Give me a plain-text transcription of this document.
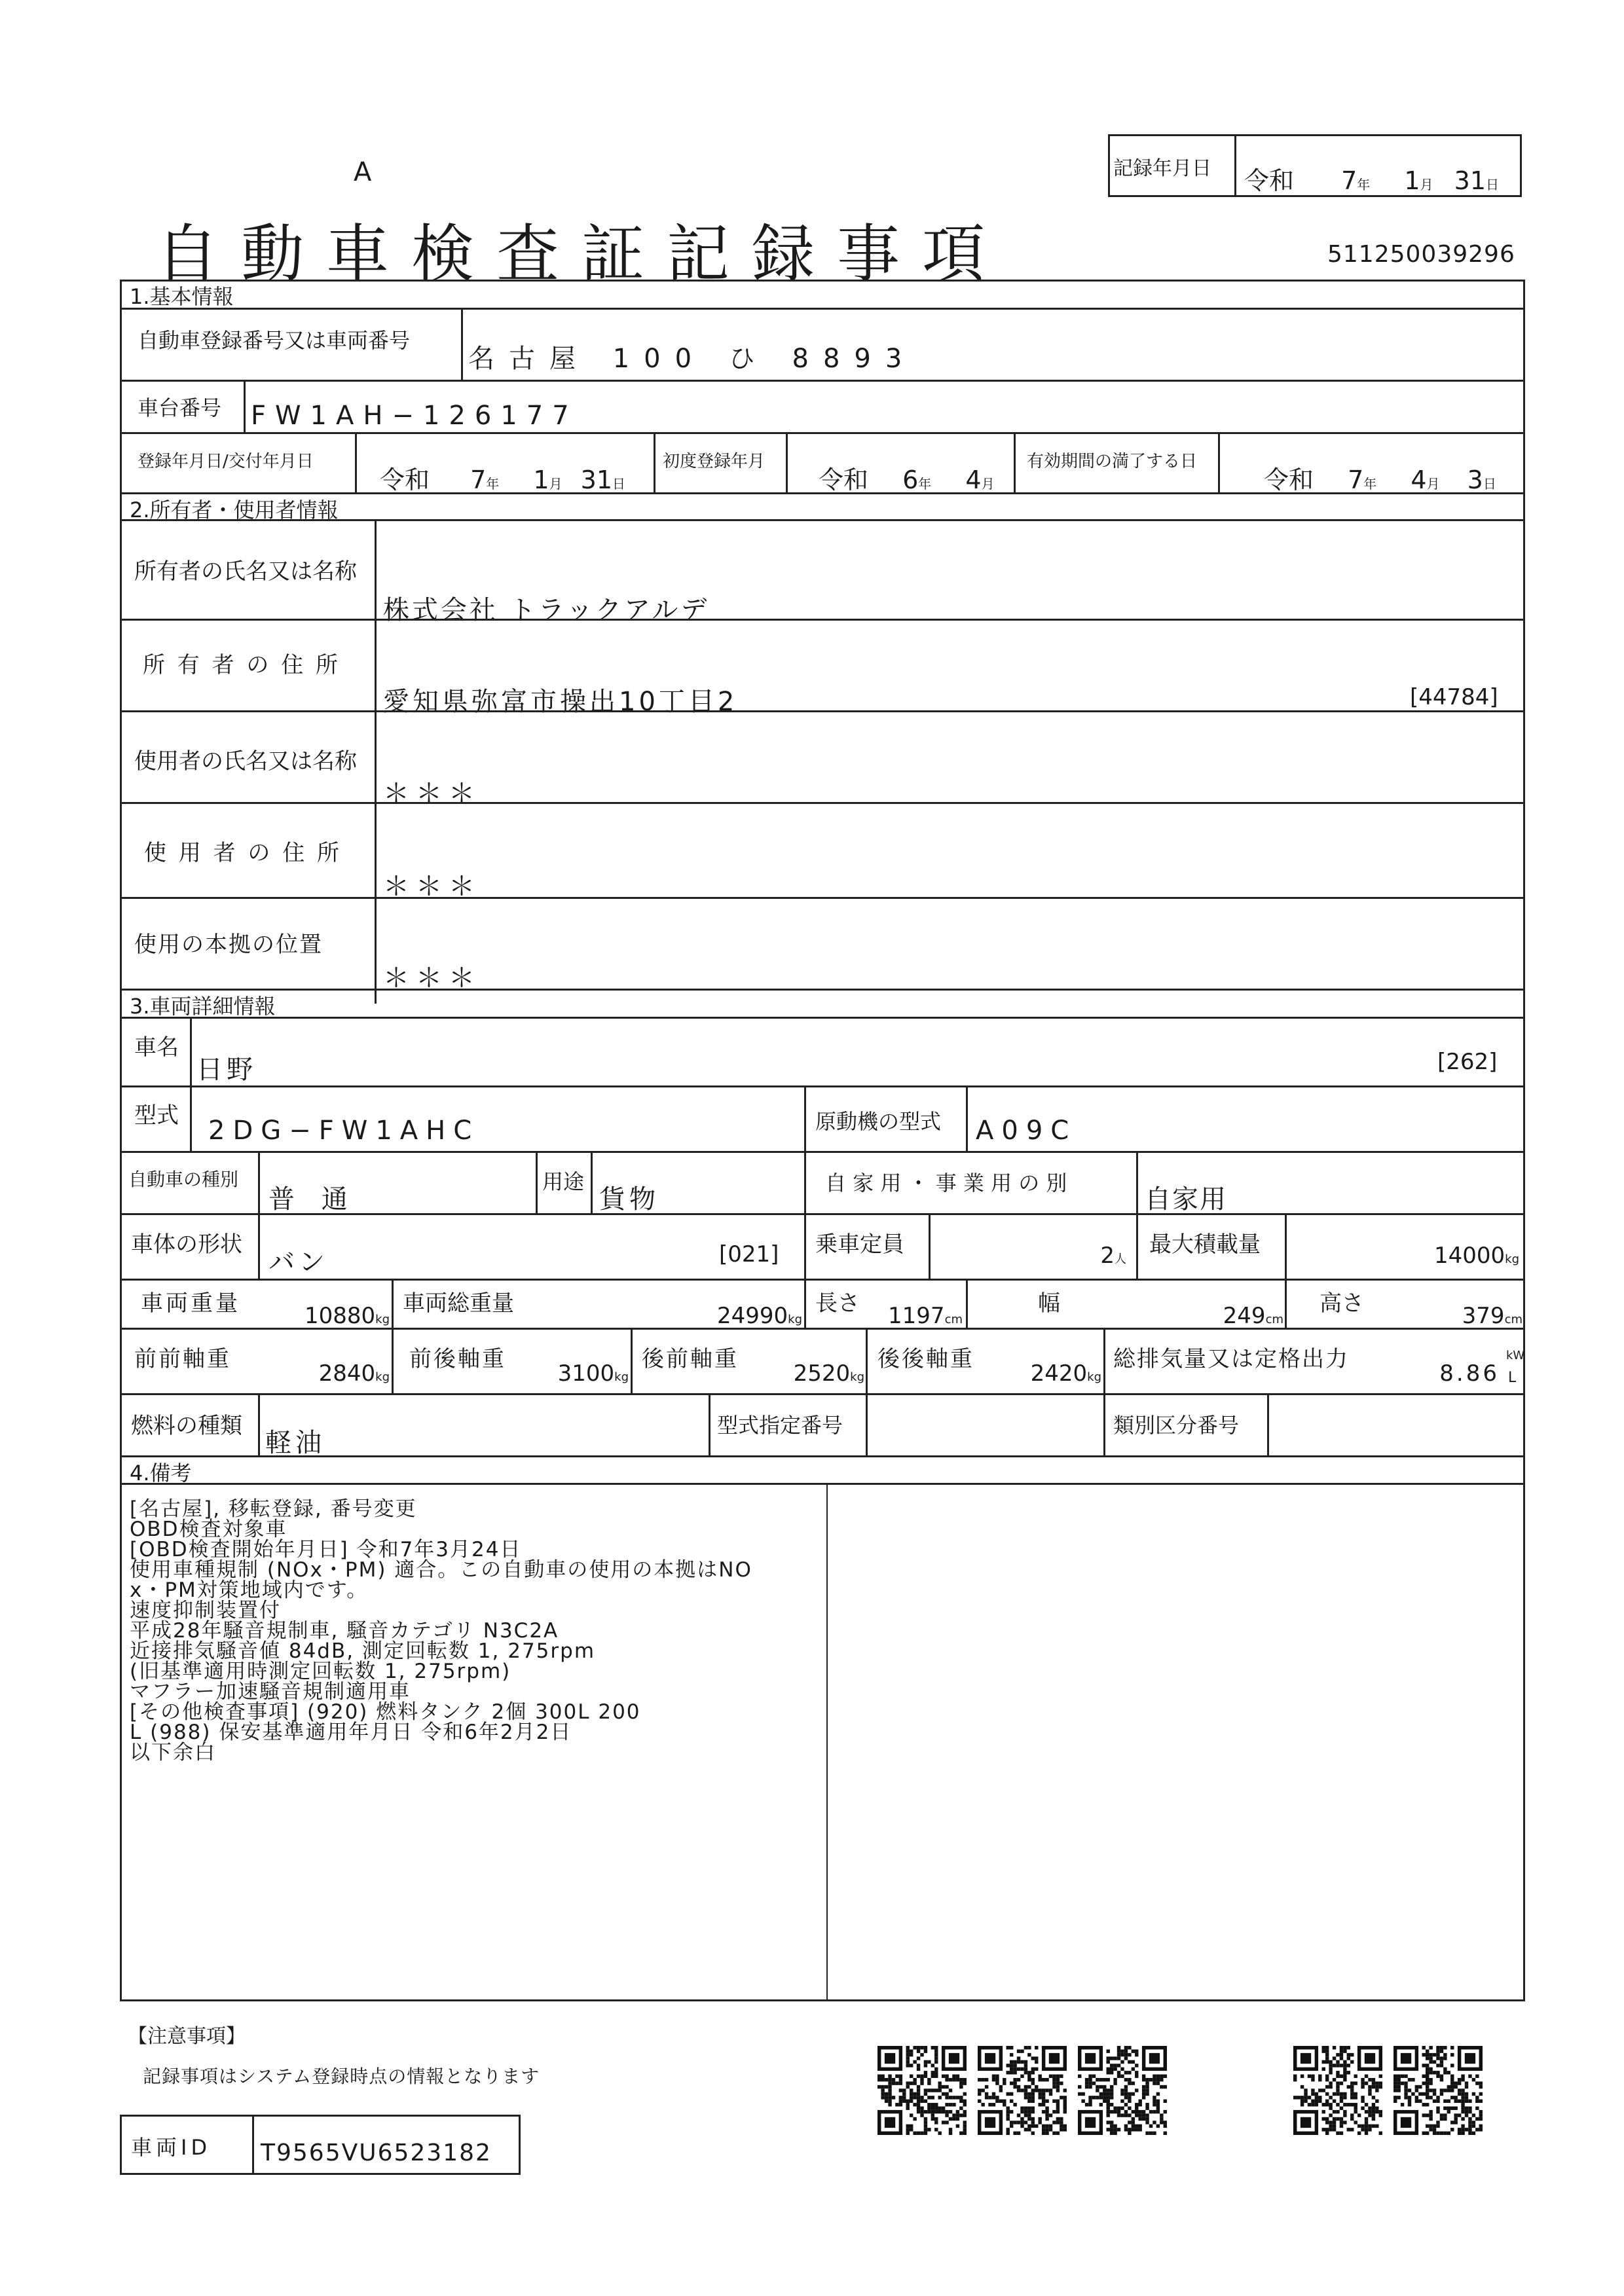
A	記録年月日 令和 7年 1月 31日
自動車検査証記録事項	511250039296
1.基本情報
自動車登録番号又は車両番号
名古屋 100 ひ 8893
車台番号 FW1AH−126177
登録年月日/交付年月日
令和 7年 1月 31日
初度登録年月
令和 6年 4月
有効期間の満了する日
令和 7年 4月 3日
2.所有者・使用者情報
所有者の氏名又は名称
株式会社 トラックアルデ
所 有 者 の 住 所
愛知県弥富市操出10丁目2	[44784]
使用者の氏名又は名称
＊＊＊
使 用 者 の 住 所
＊＊＊
使用の本拠の位置
＊＊＊
3.車両詳細情報
車名
日野	[262]
型式 2DG−FW1AHC	原動機の型式 A09C
自動車の種別
普 通
用途
貨物
自 家 用 ・ 事 業 用 の 別
自家用
車体の形状
バン	[021] 乗車定員	2人
最大積載量	14000kg
車両重量	10880kg
車両総重量	24990kg
長さ	1197cm
幅	249cm
高さ	379cm
前前軸重
2840kg
前後軸重
3100kg
後前軸重
2520kg
後後軸重
2420kg
総排気量又は定格出力
8.86
kW
L
燃料の種類
軽油
型式指定番号	類別区分番号
4.備考
[名古屋], 移転登録, 番号変更
OBD検査対象車
[OBD検査開始年月日] 令和7年3月24日
使用車種規制 (NOx・PM) 適合。この自動車の使用の本拠はNO
x・PM対策地域内です。
速度抑制装置付
平成28年騒音規制車, 騒音カテゴリ N3C2A
近接排気騒音値 84dB, 測定回転数 1, 275rpm
(旧基準適用時測定回転数 1, 275rpm)
マフラー加速騒音規制適用車
[その他検査事項] (920) 燃料タンク 2個 300L 200
L (988) 保安基準適用年月日 令和6年2月2日
以下余白
【注意事項】
記録事項はシステム登録時点の情報となります
車両ID T9565VU6523182
